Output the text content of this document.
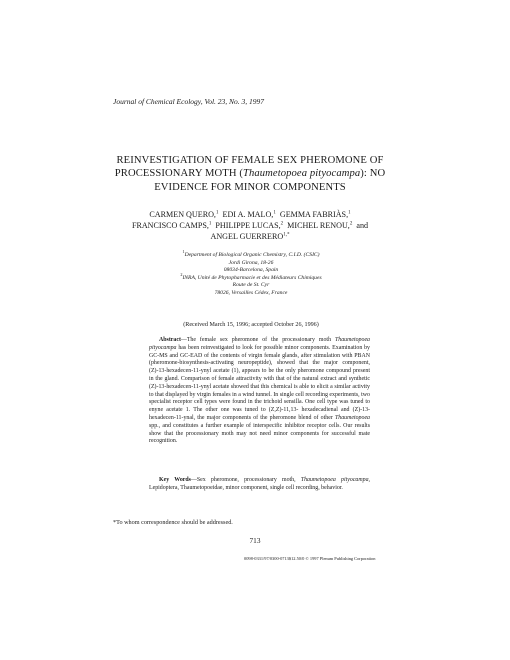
Journal of Chemical Ecology, Vol. 23, No. 3, 1997
REINVESTIGATION OF FEMALE SEX PHEROMONE OF
PROCESSIONARY MOTH (Thaumetopoea pityocampa): NO
EVIDENCE FOR MINOR COMPONENTS
CARMEN QUERO,$^1$ EDI A. MALO,$^1$ GEMMA FABRIÀS,$^1$
FRANCISCO CAMPS,$^1$ PHILIPPE LUCAS,$^2$ MICHEL RENOU,$^2$ and
ANGEL $GUERRERO^{1,*}$
$^1$Department of Biological Organic Chemistry, C.I.D. (CSIC)
Jordi Girona, 18-26
08034-Barcelona, Spain
$^2$INRA, Unité de Phytopharmacie et des Médiateurs Chimiques
Route de St. Cyr
78026, Versailles Cédex, France
(Received March 15, 1996; accepted October 26, 1996)

Abstract—The female sex pheromone of the processionary moth Thaumetopoea pityocampa has been reinvestigated to look for possible minor components. Examination by GC-MS and GC-EAD of the contents of virgin female glands, after stimulation with PBAN (pheromone-biosynthesis-activating neuropeptide), showed that the major component, (Z)-13-hexadecen-11-ynyl acetate (1), appears to be the only pheromone compound present in the gland. Comparison of female attractivity with that of the natural extract and synthetic (Z)-13-hexadecen-11-ynyl acetate showed that this chemical is able to elicit a similar activity to that displayed by virgin females in a wind tunnel. In single cell recording experiments, two specialist receptor cell types were found in the trichoid sensilla. One cell type was tuned to enyne acetate 1. The other one was tuned to (Z,Z)-11,13- hexadecadienal and (Z)-13-hexadecen-11-ynal, the major components of the pheromone blend of other Thaumetopoea spp., and constitutes a further example of interspecific inhibitor receptor cells. Our results show that the processionary moth may not need minor components for successful mate recognition.

Key Words—Sex pheromone, processionary moth, Thaumetopoea pityocampa, Lepidoptera, Thaumetopoeidae, minor component, single cell recording, behavior.

*To whom correspondence should be addressed.
713
0098-0331/97/0300-0713$12.50/0 © 1997 Plenum Publishing Corporation
